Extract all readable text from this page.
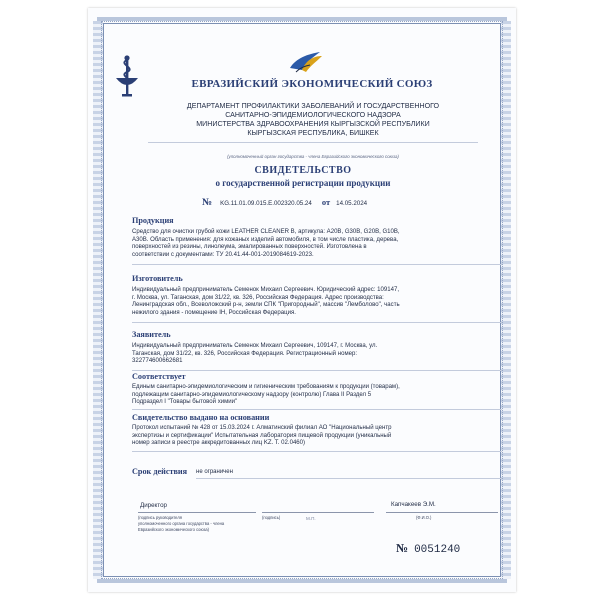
ЕВРАЗИЙСКИЙ ЭКОНОМИЧЕСКИЙ СОЮЗ
ДЕПАРТАМЕНТ ПРОФИЛАКТИКИ ЗАБОЛЕВАНИЙ И ГОСУДАРСТВЕННОГО
САНИТАРНО-ЭПИДЕМИОЛОГИЧЕСКОГО НАДЗОРА
МИНИСТЕРСТВА ЗДРАВООХРАНЕНИЯ КЫРГЫЗСКОЙ РЕСПУБЛИКИ
КЫРГЫЗСКАЯ РЕСПУБЛИКА, БИШКЕК
(уполномоченный орган государства - члена Евразийского экономического союза)
СВИДЕТЕЛЬСТВО
о государственной регистрации продукции
№ KG.11.01.09.015.E.002320.05.24 от 14.05.2024
Продукция
Средство для очистки грубой кожи LEATHER CLEANER B, артикула: A20B, G30B, G20B, G10B,
A30B. Область применения: для кожаных изделий автомобиля, в том числе пластика, дерева,
поверхностей из резины, линолеума, эмалированных поверхностей. Изготовлена в
соответствии с документами: ТУ 20.41.44-001-2019084619-2023.
Изготовитель
Индивидуальный предприниматель Семенок Михаил Сергеевич. Юридический адрес: 109147,
г. Москва, ул. Таганская, дом 31/22, кв. 326, Российская Федерация. Адрес производства:
Ленинградская обл., Всеволожский р-н, земли СПК "Пригородный", массив "Лемболово", часть
нежилого здания - помещение IH, Российская Федерация.
Заявитель
Индивидуальный предприниматель Семенок Михаил Сергеевич, 109147, г. Москва, ул.
Таганская, дом 31/22, кв. 326, Российская Федерация. Регистрационный номер:
322774600662681
Соответствует
Единым санитарно-эпидемиологическим и гигиеническим требованиям к продукции (товарам),
подлежащим санитарно-эпидемиологическому надзору (контролю) Глава II Раздел 5
Подраздел I "Товары бытовой химии"
Свидетельство выдано на основании
Протокол испытаний № 428 от 15.03.2024 г. Алматинский филиал АО "Национальный центр
экспертизы и сертификации" Испытательная лаборатория пищевой продукции (уникальный
номер записи в реестре аккредитованных лиц KZ. T. 02.0460)
Срок действия не ограничен
Директор	Капчакеев Э.М.
(подпись руководителя
уполномоченного органа государства - члена
Евразийского экономического союза)
(подпись)	М.П.	(Ф.И.О.)
№ 0051240
